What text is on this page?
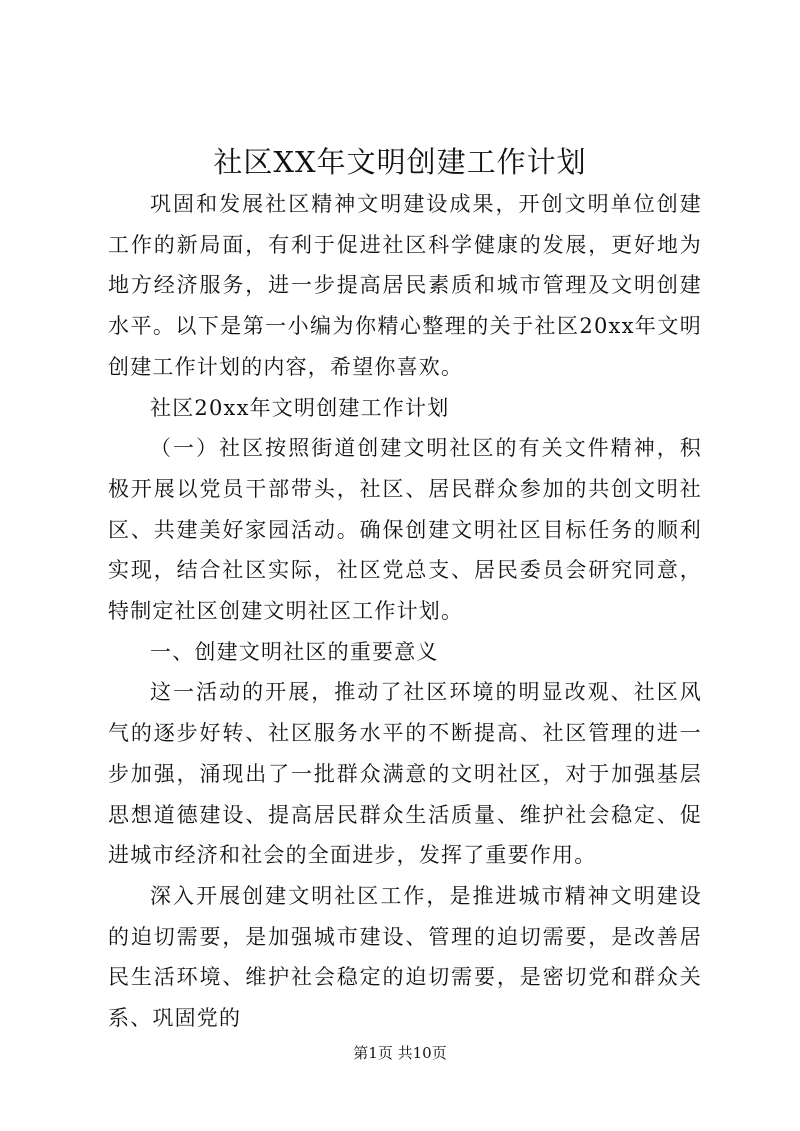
社区XX年文明创建工作计划

巩固和发展社区精神文明建设成果，开创文明单位创建工作的新局面，有利于促进社区科学健康的发展，更好地为地方经济服务，进一步提高居民素质和城市管理及文明创建水平。以下是第一小编为你精心整理的关于社区20xx年文明创建工作计划的内容，希望你喜欢。

社区20xx年文明创建工作计划

（一）社区按照街道创建文明社区的有关文件精神，积极开展以党员干部带头，社区、居民群众参加的共创文明社区、共建美好家园活动。确保创建文明社区目标任务的顺利实现，结合社区实际，社区党总支、居民委员会研究同意，特制定社区创建文明社区工作计划。

一、创建文明社区的重要意义

这一活动的开展，推动了社区环境的明显改观、社区风气的逐步好转、社区服务水平的不断提高、社区管理的进一步加强，涌现出了一批群众满意的文明社区，对于加强基层思想道德建设、提高居民群众生活质量、维护社会稳定、促进城市经济和社会的全面进步，发挥了重要作用。

深入开展创建文明社区工作，是推进城市精神文明建设的迫切需要，是加强城市建设、管理的迫切需要，是改善居民生活环境、维护社会稳定的迫切需要，是密切党和群众关系、巩固党的

第1页 共10页
